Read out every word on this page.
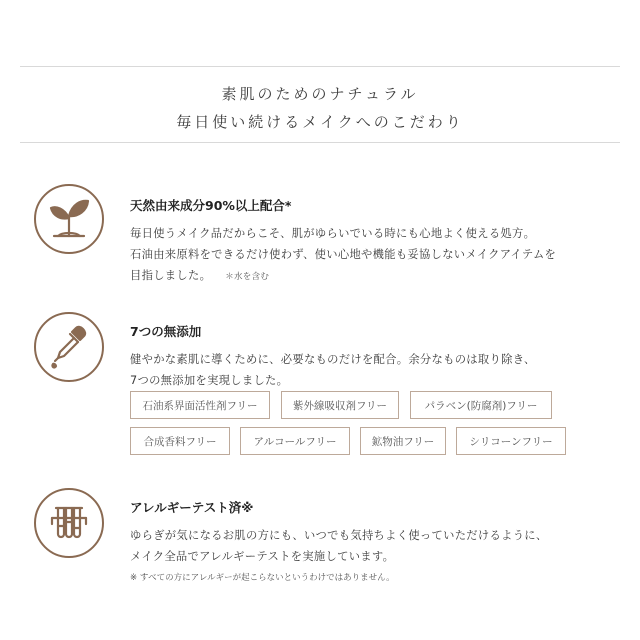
素肌のためのナチュラル
毎日使い続けるメイクへのこだわり
天然由来成分90%以上配合*
毎日使うメイク品だからこそ、肌がゆらいでいる時にも心地よく使える処方。
石油由来原料をできるだけ使わず、使い心地や機能も妥協しないメイクアイテムを
目指しました。 ＊水を含む
7つの無添加
健やかな素肌に導くために、必要なものだけを配合。余分なものは取り除き、
7つの無添加を実現しました。
石油系界面活性剤フリー	紫外線吸収剤フリー	パラベン(防腐剤)フリー
合成香料フリー	アルコールフリー	鉱物油フリー	シリコーンフリー
アレルギーテスト済※
ゆらぎが気になるお肌の方にも、いつでも気持ちよく使っていただけるように、
メイク全品でアレルギーテストを実施しています。
※ すべての方にアレルギーが起こらないというわけではありません。
